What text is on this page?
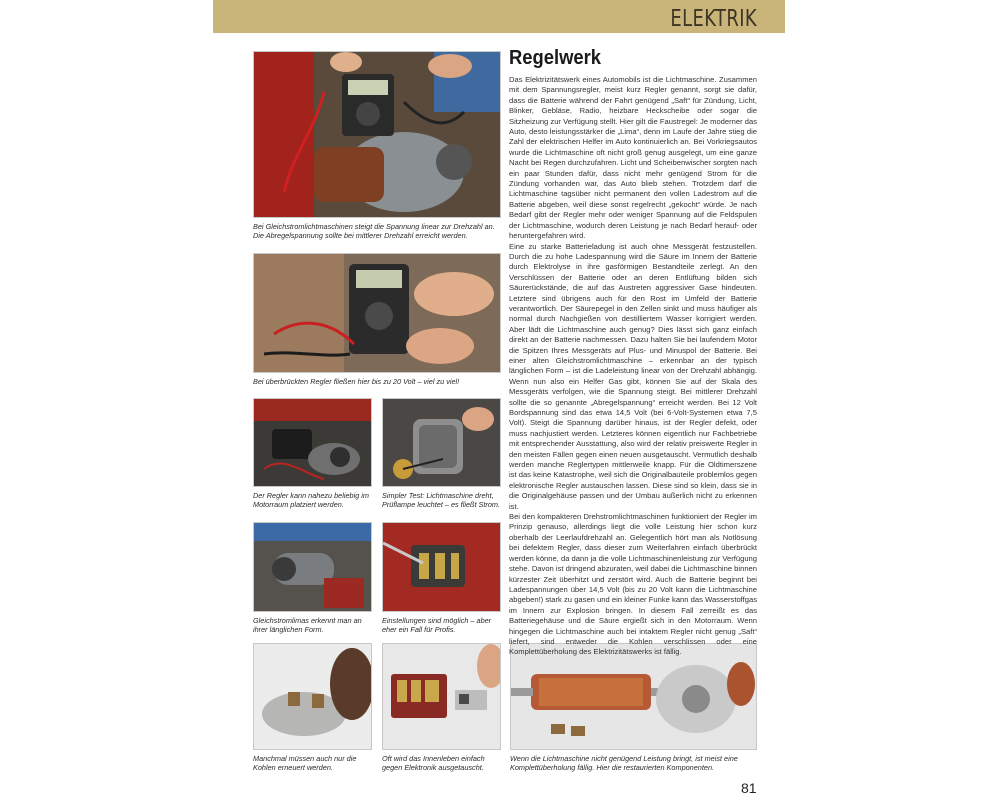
ELEKTRIK

Bei Gleichstromlichtmaschinen steigt die Spannung linear zur Drehzahl an. Die Abregelspannung sollte bei mittlerer Drehzahl erreicht werden.

Bei überbrückten Regler fließen hier bis zu 20 Volt – viel zu viel!

Der Regler kann nahezu beliebig im Motorraum platziert werden.

Simpler Test: Lichtmaschine dreht, Prüflampe leuchtet – es fließt Strom.

Gleichstromlimas erkennt man an ihrer länglichen Form.

Einstellungen sind möglich – aber eher ein Fall für Profis.

Manchmal müssen auch nur die Kohlen erneuert werden.

Oft wird das Innenleben einfach gegen Elektronik ausgetauscht.

Wenn die Lichtmaschine nicht genügend Leistung bringt, ist meist eine Komplettüberholung fällig. Hier die restaurierten Komponenten.

Regelwerk

Das Elektrizitätswerk eines Automobils ist die Lichtmaschine. Zusammen mit dem Spannungsregler, meist kurz Regler genannt, sorgt sie dafür, dass die Batterie während der Fahrt genügend „Saft“ für Zündung, Licht, Blinker, Gebläse, Radio, heizbare Heckscheibe oder sogar die Sitzheizung zur Verfügung stellt. Hier gilt die Faustregel: Je moderner das Auto, desto leistungsstärker die „Lima“, denn im Laufe der Jahre stieg die Zahl der elektrischen Helfer im Auto kontinuierlich an. Bei Vorkriegsautos wurde die Lichtmaschine oft nicht groß genug ausgelegt, um eine ganze Nacht bei Regen durchzufahren. Licht und Scheibenwischer sorgten nach ein paar Stunden dafür, dass nicht mehr genügend Strom für die Zündung vorhanden war, das Auto blieb stehen. Trotzdem darf die Lichtmaschine tagsüber nicht permanent den vollen Ladestrom auf die Batterie abgeben, weil diese sonst regelrecht „gekocht“ würde. Je nach Bedarf gibt der Regler mehr oder weniger Spannung auf die Feldspulen der Lichtmaschine, wodurch deren Leistung je nach Bedarf herauf- oder heruntergefahren wird.

Eine zu starke Batterieladung ist auch ohne Messgerät festzustellen. Durch die zu hohe Ladespannung wird die Säure im Innern der Batterie durch Elektrolyse in ihre gasförmigen Bestandteile zerlegt. An den Verschlüssen der Batterie oder an deren Entlüftung bilden sich Säurerückstände, die auf das Austreten aggressiver Gase hindeuten. Letztere sind übrigens auch für den Rost im Umfeld der Batterie verantwortlich. Der Säurepegel in den Zellen sinkt und muss häufiger als normal durch Nachgießen von destilliertem Wasser korrigiert werden. Aber lädt die Lichtmaschine auch genug? Dies lässt sich ganz einfach direkt an der Batterie nachmessen. Dazu halten Sie bei laufendem Motor die Spitzen Ihres Messgeräts auf Plus- und Minuspol der Batterie. Bei einer alten Gleichstromlichtmaschine – erkennbar an der typisch länglichen Form – ist die Ladeleistung linear von der Drehzahl abhängig. Wenn nun also ein Helfer Gas gibt, können Sie auf der Skala des Messgeräts verfolgen, wie die Spannung steigt. Bei mittlerer Drehzahl sollte die so genannte „Abregelspannung“ erreicht werden. Bei 12 Volt Bordspannung sind das etwa 14,5 Volt (bei 6-Volt-Systemen etwa 7,5 Volt). Steigt die Spannung darüber hinaus, ist der Regler defekt, oder muss nachjustiert werden. Letzteres können eigentlich nur Fachbetriebe mit entsprechender Ausstattung, also wird der relativ preiswerte Regler in den meisten Fällen gegen einen neuen ausgetauscht. Vermutlich deshalb werden manche Reglertypen mittlerweile knapp. Für die Oldtimerszene ist das keine Katastrophe, weil sich die Originalbauteile problemlos gegen elektronische Regler austauschen lassen. Diese sind so klein, dass sie in die Originalgehäuse passen und der Umbau äußerlich nicht zu erkennen ist.

Bei den kompakteren Drehstromlichtmaschinen funktioniert der Regler im Prinzip genauso, allerdings liegt die volle Leistung hier schon kurz oberhalb der Leerlaufdrehzahl an. Gelegentlich hört man als Notlösung bei defektem Regler, dass dieser zum Weiterfahren einfach überbrückt werden könne, da dann ja die volle Lichtmaschinenleistung zur Verfügung stehe. Davon ist dringend abzuraten, weil dabei die Lichtmaschine binnen kürzester Zeit überhitzt und zerstört wird. Auch die Batterie beginnt bei Ladespannungen über 14,5 Volt (bis zu 20 Volt kann die Lichtmaschine abgeben!) stark zu gasen und ein kleiner Funke kann das Wasserstoffgas im Innern zur Explosion bringen. In diesem Fall zerreißt es das Batteriegehäuse und die Säure ergießt sich in den Motorraum. Wenn hingegen die Lichtmaschine auch bei intaktem Regler nicht genug „Saft“ liefert, sind entweder die Kohlen verschlissen oder eine Komplettüberholung des Elektrizitätswerks ist fällig.

81
